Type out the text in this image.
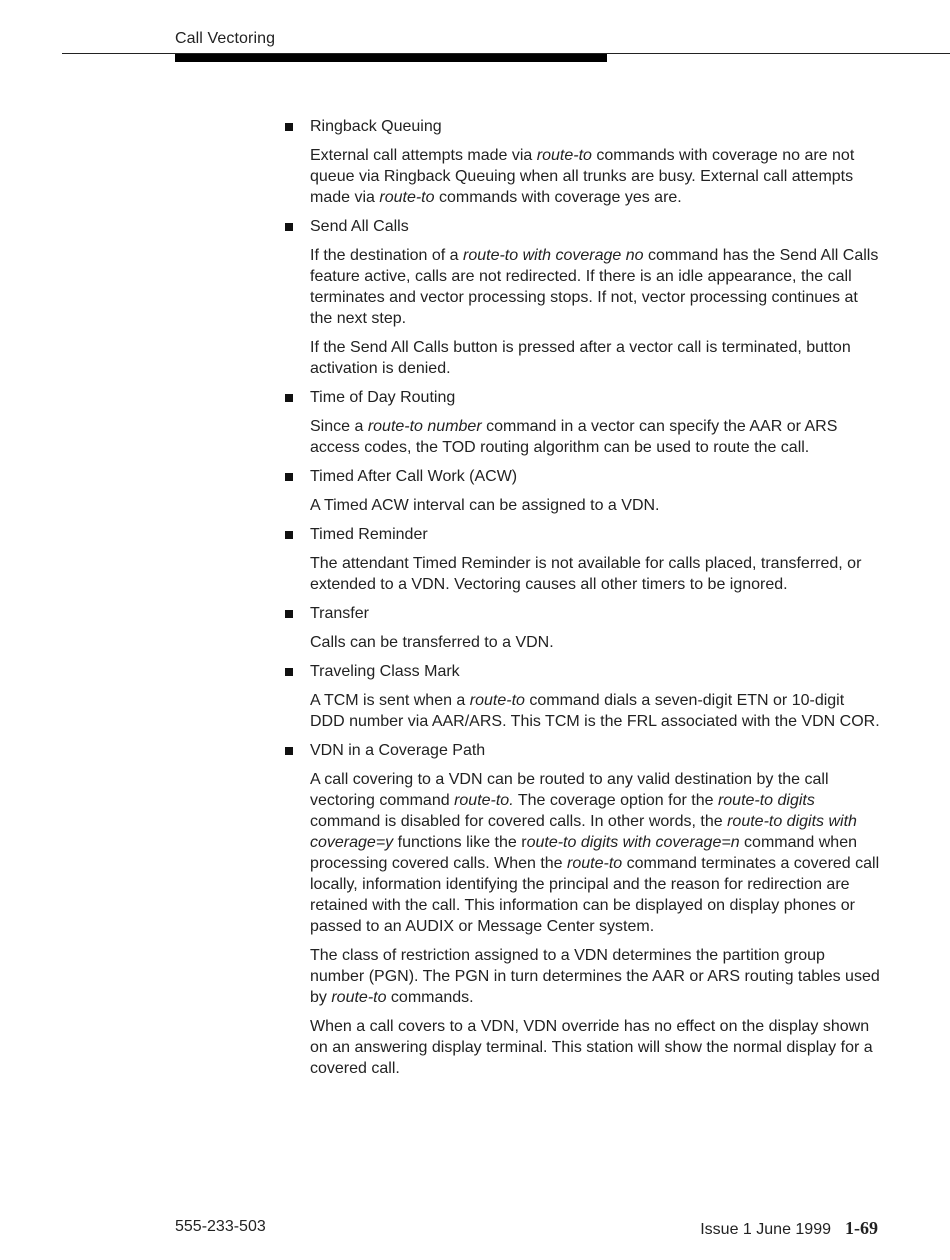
Call Vectoring
Ringback Queuing

External call attempts made via route-to commands with coverage no are not queue via Ringback Queuing when all trunks are busy. External call attempts made via route-to commands with coverage yes are.

Send All Calls

If the destination of a route-to with coverage no command has the Send All Calls feature active, calls are not redirected. If there is an idle appearance, the call terminates and vector processing stops. If not, vector processing continues at the next step.

If the Send All Calls button is pressed after a vector call is terminated, button activation is denied.

Time of Day Routing

Since a route-to number command in a vector can specify the AAR or ARS access codes, the TOD routing algorithm can be used to route the call.

Timed After Call Work (ACW)

A Timed ACW interval can be assigned to a VDN.

Timed Reminder

The attendant Timed Reminder is not available for calls placed, transferred, or extended to a VDN. Vectoring causes all other timers to be ignored.

Transfer

Calls can be transferred to a VDN.

Traveling Class Mark

A TCM is sent when a route-to command dials a seven-digit ETN or 10-digit DDD number via AAR/ARS. This TCM is the FRL associated with the VDN COR.

VDN in a Coverage Path

A call covering to a VDN can be routed to any valid destination by the call vectoring command route-to. The coverage option for the route-to digits command is disabled for covered calls. In other words, the route-to digits with coverage=y functions like the route-to digits with coverage=n command when processing covered calls. When the route-to command terminates a covered call locally, information identifying the principal and the reason for redirection are retained with the call. This information can be displayed on display phones or passed to an AUDIX or Message Center system.

The class of restriction assigned to a VDN determines the partition group number (PGN). The PGN in turn determines the AAR or ARS routing tables used by route-to commands.

When a call covers to a VDN, VDN override has no effect on the display shown on an answering display terminal. This station will show the normal display for a covered call.

555-233-503	Issue 1 June 1999 1-69
